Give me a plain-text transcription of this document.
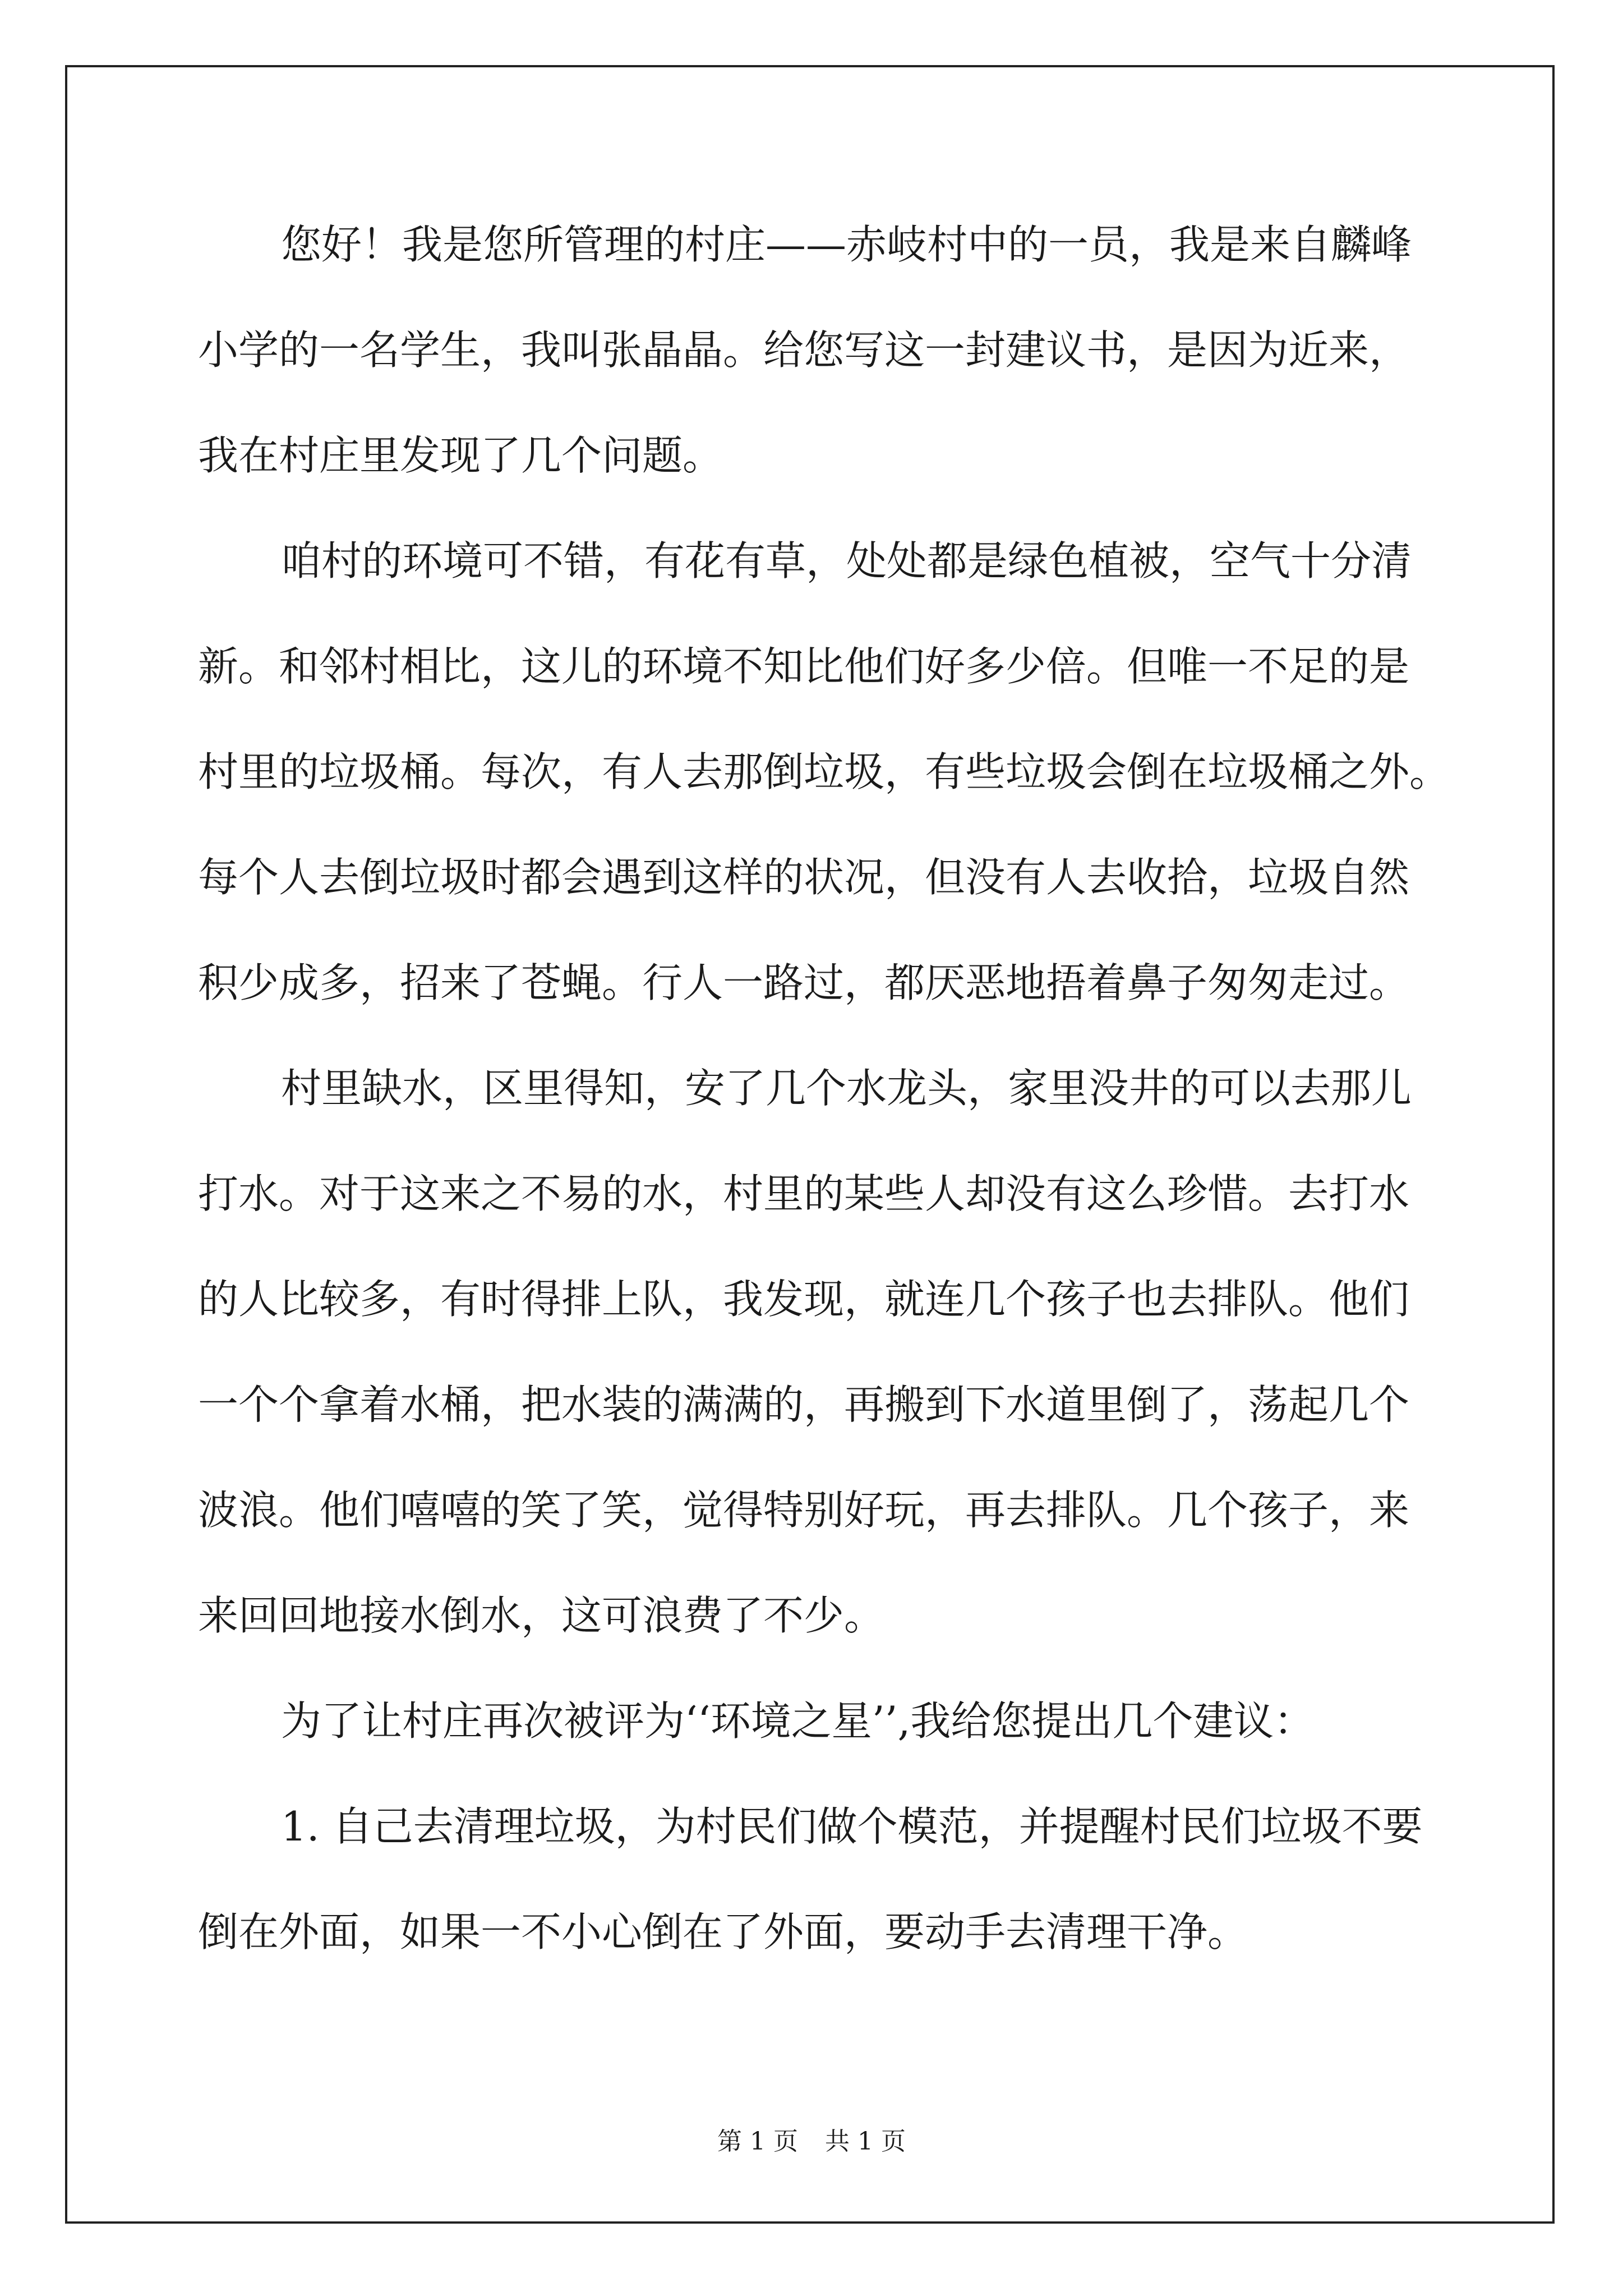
您好！我是您所管理的村庄——赤岐村中的一员，我是来自麟峰
小学的一名学生，我叫张晶晶。给您写这一封建议书，是因为近来，
我在村庄里发现了几个问题。
咱村的环境可不错，有花有草，处处都是绿色植被，空气十分清
新。和邻村相比，这儿的环境不知比他们好多少倍。但唯一不足的是
村里的垃圾桶。每次，有人去那倒垃圾，有些垃圾会倒在垃圾桶之外。
每个人去倒垃圾时都会遇到这样的状况，但没有人去收拾，垃圾自然
积少成多，招来了苍蝇。行人一路过，都厌恶地捂着鼻子匆匆走过。
村里缺水，区里得知，安了几个水龙头，家里没井的可以去那儿
打水。对于这来之不易的水，村里的某些人却没有这么珍惜。去打水
的人比较多，有时得排上队，我发现，就连几个孩子也去排队。他们
一个个拿着水桶，把水装的满满的，再搬到下水道里倒了，荡起几个
波浪。他们嘻嘻的笑了笑，觉得特别好玩，再去排队。几个孩子，来
来回回地接水倒水，这可浪费了不少。
为了让村庄再次被评为‘‘环境之星’’,我给您提出几个建议：
1. 自己去清理垃圾，为村民们做个模范，并提醒村民们垃圾不要
倒在外面，如果一不小心倒在了外面，要动手去清理干净。
第 1 页 共 1 页
